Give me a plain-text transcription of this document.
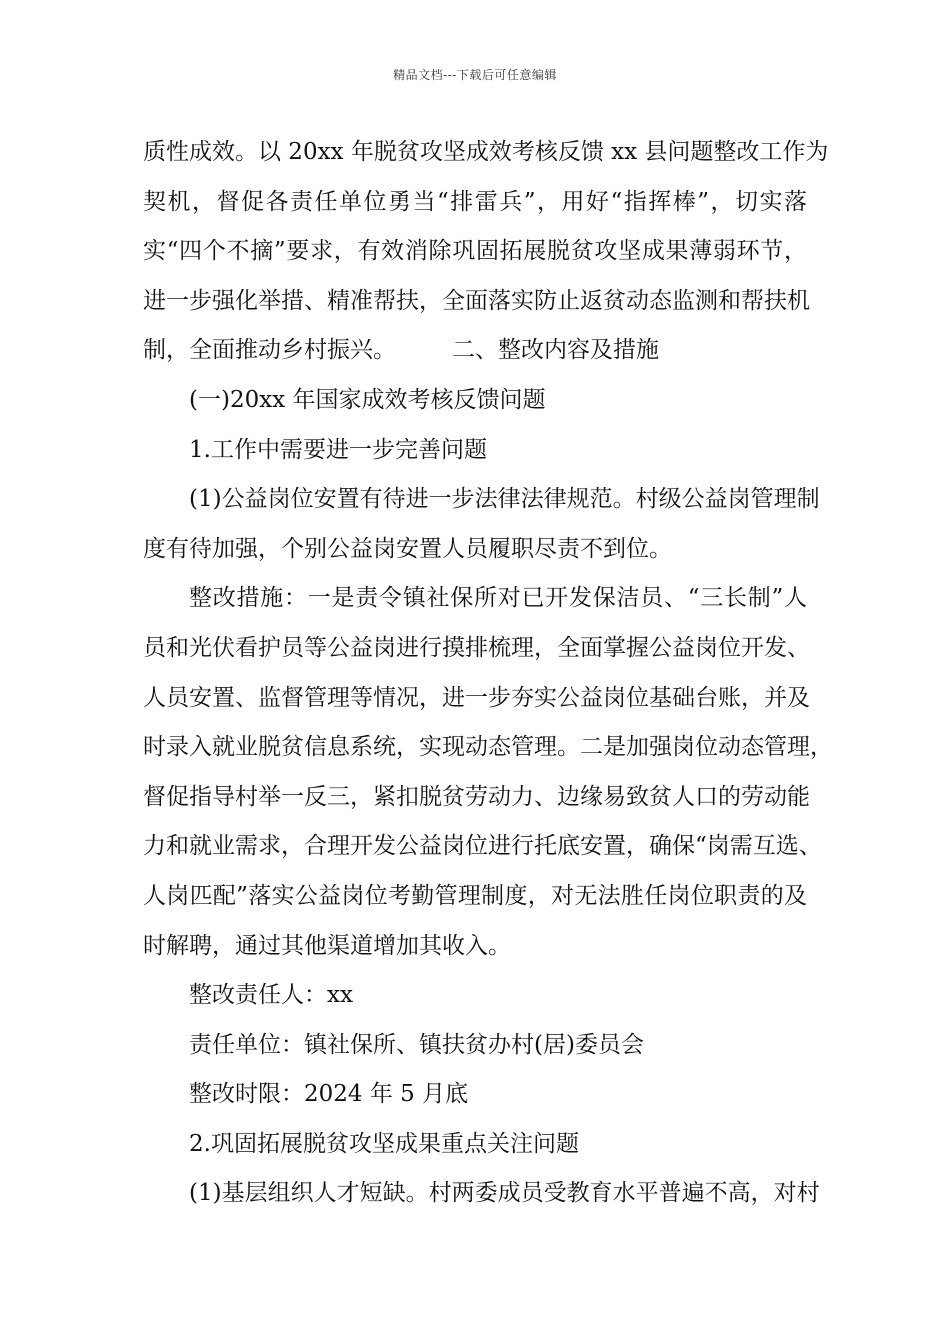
精品文档---下载后可任意编辑
质性成效。以 20xx 年脱贫攻坚成效考核反馈 xx 县问题整改工作为
契机，督促各责任单位勇当“排雷兵”，用好“指挥棒”，切实落
实“四个不摘”要求，有效消除巩固拓展脱贫攻坚成果薄弱环节，
进一步强化举措、精准帮扶，全面落实防止返贫动态监测和帮扶机
制，全面推动乡村振兴。 二、整改内容及措施
(一)20xx 年国家成效考核反馈问题
1.工作中需要进一步完善问题
(1)公益岗位安置有待进一步法律法律规范。村级公益岗管理制
度有待加强，个别公益岗安置人员履职尽责不到位。
整改措施：一是责令镇社保所对已开发保洁员、“三长制”人
员和光伏看护员等公益岗进行摸排梳理，全面掌握公益岗位开发、
人员安置、监督管理等情况，进一步夯实公益岗位基础台账，并及
时录入就业脱贫信息系统，实现动态管理。二是加强岗位动态管理，
督促指导村举一反三，紧扣脱贫劳动力、边缘易致贫人口的劳动能
力和就业需求，合理开发公益岗位进行托底安置，确保“岗需互选、
人岗匹配”落实公益岗位考勤管理制度，对无法胜任岗位职责的及
时解聘，通过其他渠道增加其收入。
整改责任人：xx
责任单位：镇社保所、镇扶贫办村(居)委员会
整改时限：2024 年 5 月底
2.巩固拓展脱贫攻坚成果重点关注问题
(1)基层组织人才短缺。村两委成员受教育水平普遍不高，对村
